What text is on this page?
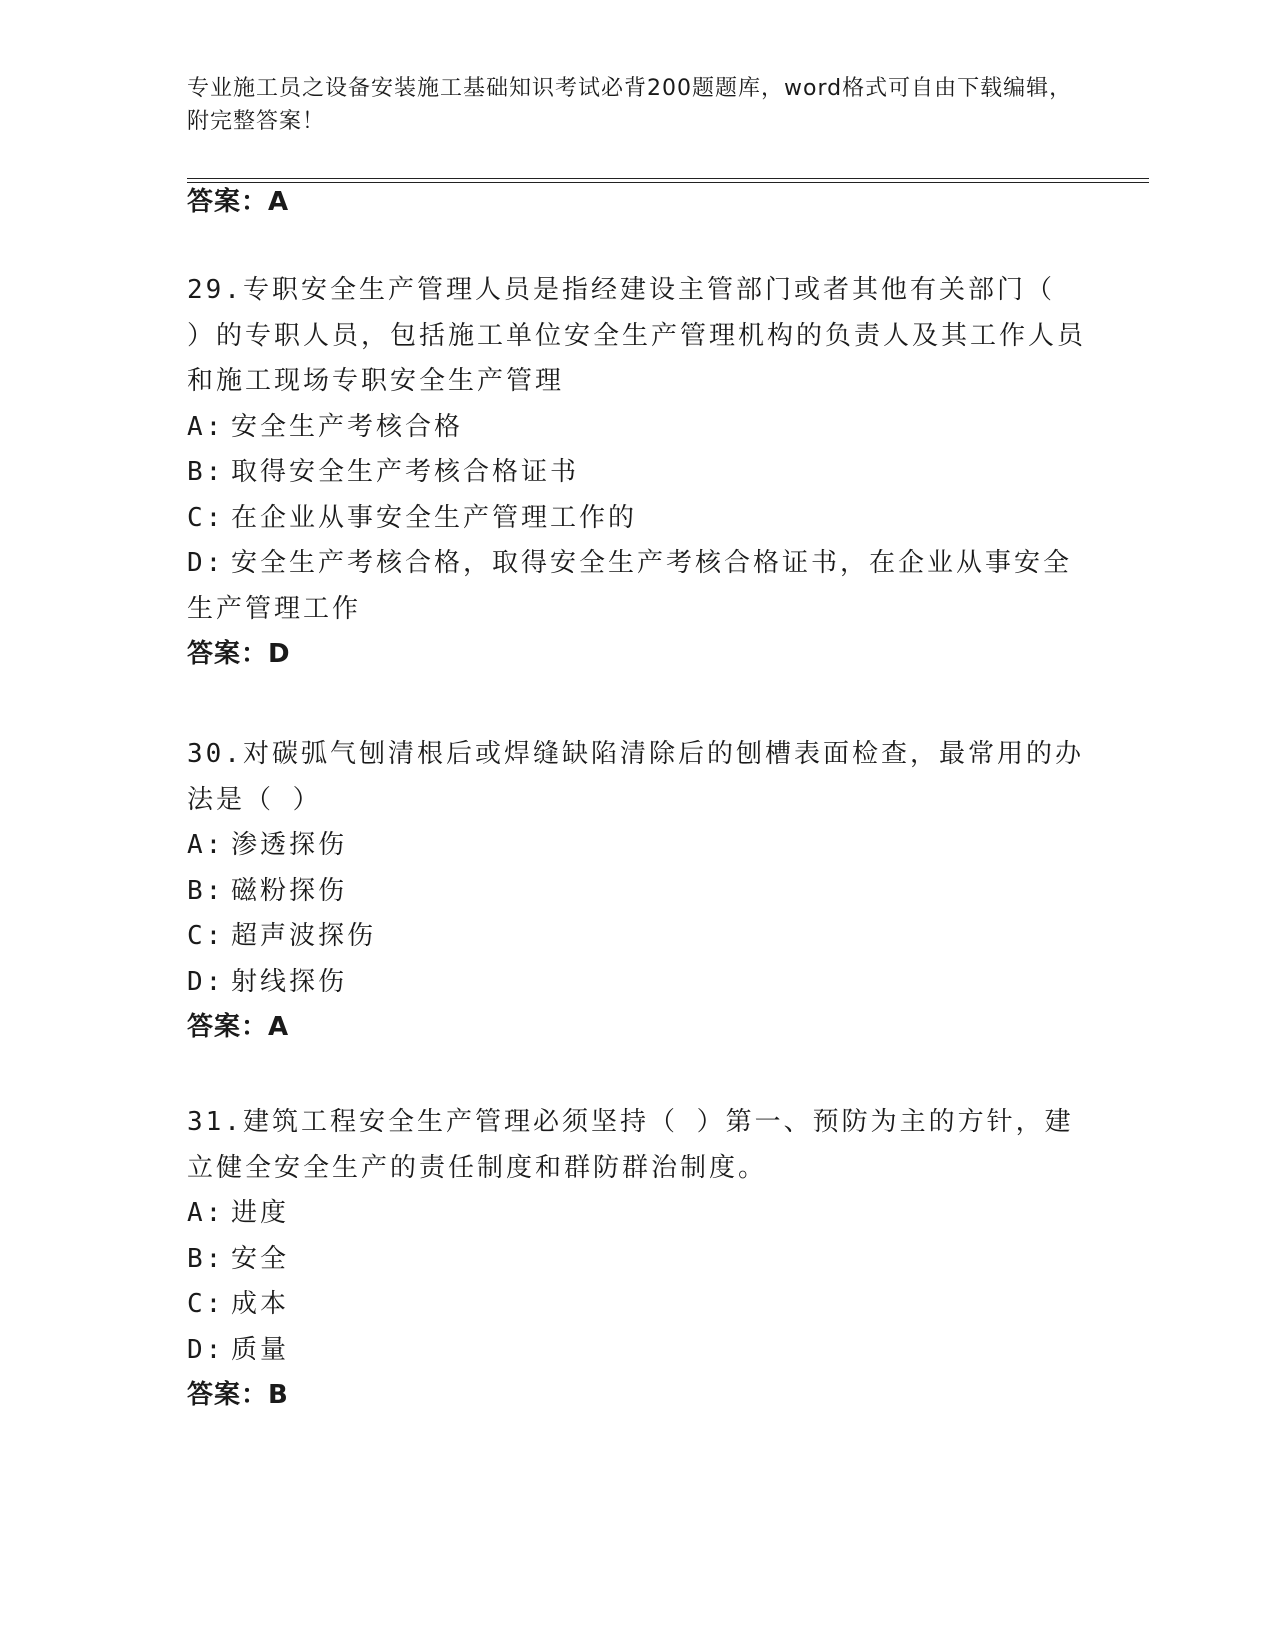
专业施工员之设备安装施工基础知识考试必背200题题库，word格式可自由下载编辑，附完整答案！
答案：A

29.专职安全生产管理人员是指经建设主管部门或者其他有关部门（ ）的专职人员，包括施工单位安全生产管理机构的负责人及其工作人员和施工现场专职安全生产管理

A: 安全生产考核合格

B: 取得安全生产考核合格证书

C: 在企业从事安全生产管理工作的

D: 安全生产考核合格，取得安全生产考核合格证书，在企业从事安全生产管理工作

答案：D

30.对碳弧气刨清根后或焊缝缺陷清除后的刨槽表面检查，最常用的办法是（ ）

A: 渗透探伤

B: 磁粉探伤

C: 超声波探伤

D: 射线探伤

答案：A

31.建筑工程安全生产管理必须坚持（ ）第一、预防为主的方针，建立健全安全生产的责任制度和群防群治制度。

A: 进度

B: 安全

C: 成本

D: 质量

答案：B
